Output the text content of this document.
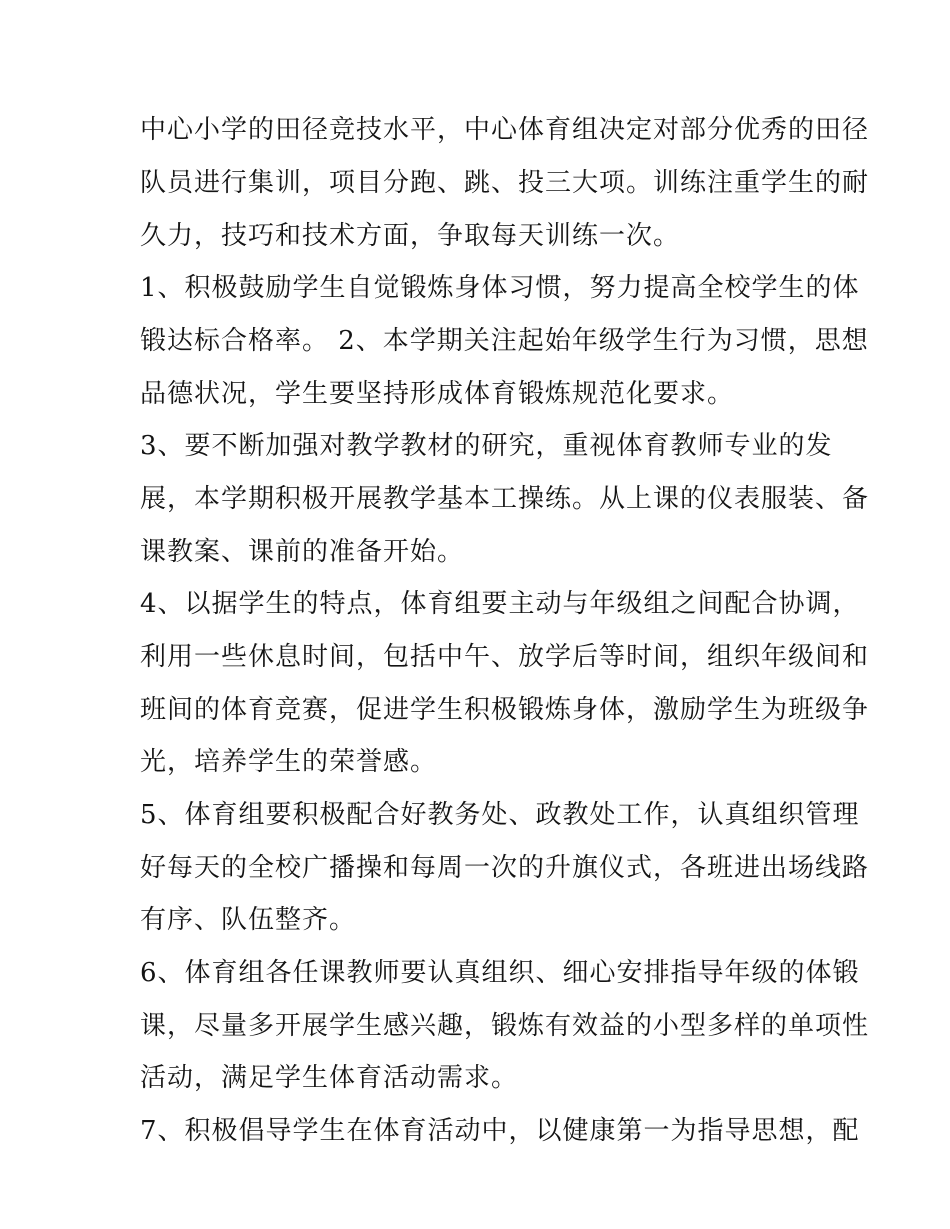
中心小学的田径竞技水平，中心体育组决定对部分优秀的田径
队员进行集训，项目分跑、跳、投三大项。训练注重学生的耐
久力，技巧和技术方面，争取每天训练一次。
1、积极鼓励学生自觉锻炼身体习惯，努力提高全校学生的体
锻达标合格率。 2、本学期关注起始年级学生行为习惯，思想
品德状况，学生要坚持形成体育锻炼规范化要求。
3、要不断加强对教学教材的研究，重视体育教师专业的发
展，本学期积极开展教学基本工操练。从上课的仪表服装、备
课教案、课前的准备开始。
4、以据学生的特点，体育组要主动与年级组之间配合协调，
利用一些休息时间，包括中午、放学后等时间，组织年级间和
班间的体育竞赛，促进学生积极锻炼身体，激励学生为班级争
光，培养学生的荣誉感。
5、体育组要积极配合好教务处、政教处工作，认真组织管理
好每天的全校广播操和每周一次的升旗仪式，各班进出场线路
有序、队伍整齐。
6、体育组各任课教师要认真组织、细心安排指导年级的体锻
课，尽量多开展学生感兴趣，锻炼有效益的小型多样的单项性
活动，满足学生体育活动需求。
7、积极倡导学生在体育活动中，以健康第一为指导思想，配
